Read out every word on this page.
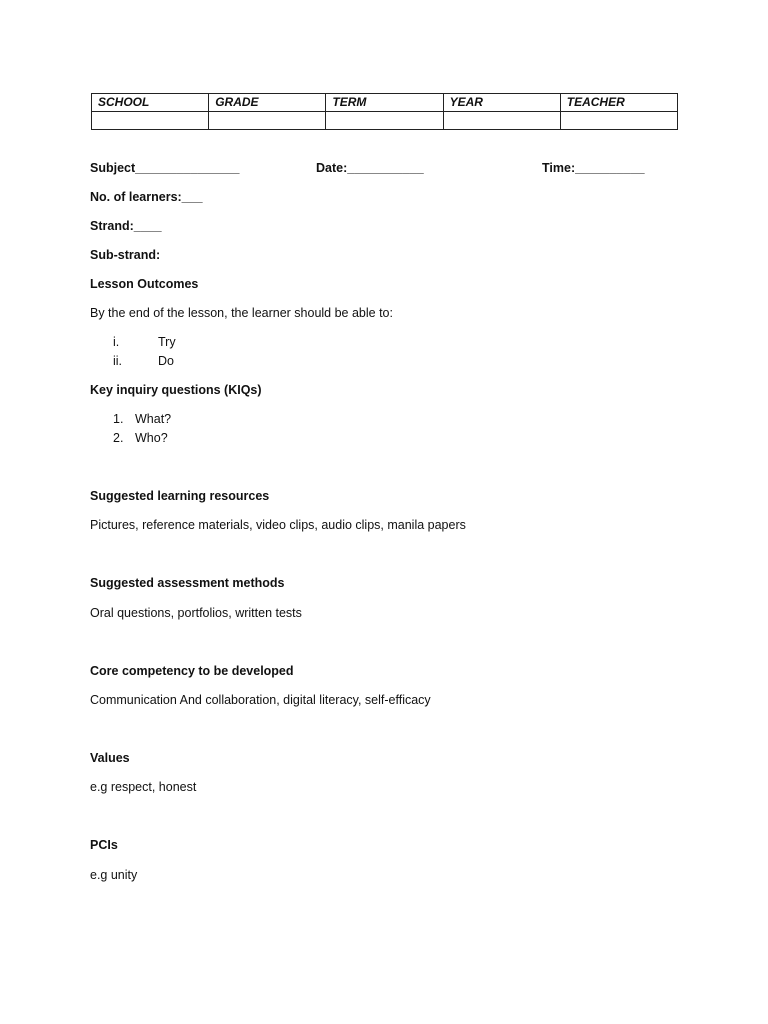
SCHOOL	GRADE	TERM	YEAR	TEACHER

Subject_______________	Date:___________	Time:__________
No. of learners:___
Strand:____
Sub-strand:
Lesson Outcomes
By the end of the lesson, the learner should be able to:
i.	Try
ii.	Do
Key inquiry questions (KIQs)
1. What?
2. Who?
Suggested learning resources
Pictures, reference materials, video clips, audio clips, manila papers
Suggested assessment methods
Oral questions, portfolios, written tests
Core competency to be developed
Communication And collaboration, digital literacy, self-efficacy
Values
e.g respect, honest
PCIs
e.g unity
